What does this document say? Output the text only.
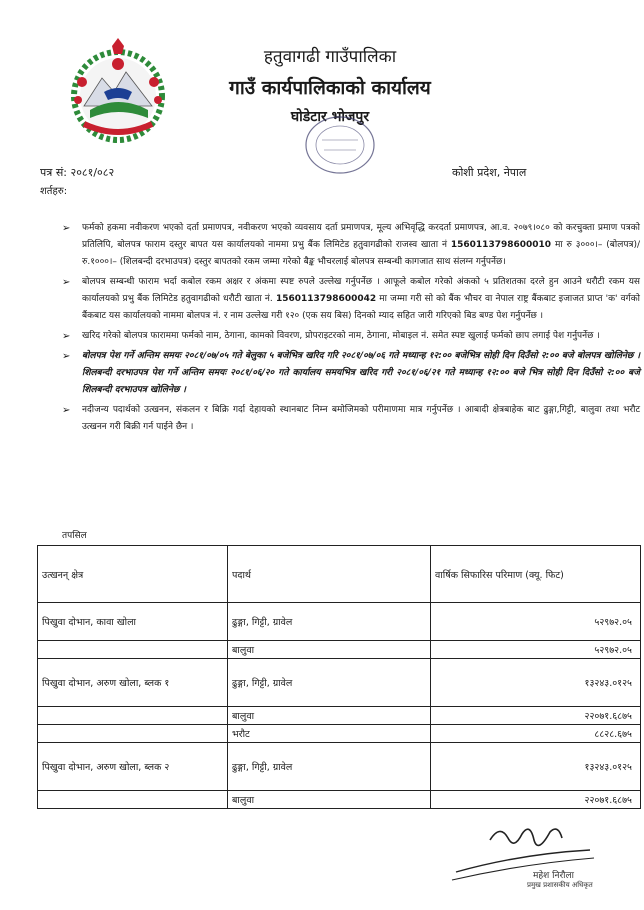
हतुवागढी गाउँपालिका
गाउँ कार्यपालिकाको कार्यालय
घोडेटार भोजपुर
पत्र सं: २०८१/०८२	कोशी प्रदेश, नेपाल
शर्तहरु:
➢ फर्मको हकमा नवीकरण भएको दर्ता प्रमाणपत्र, नवीकरण भएको व्यवसाय दर्ता प्रमाणपत्र, मूल्य अभिवृद्धि करदर्ता प्रमाणपत्र, आ.व. २०७९।०८० को करचुक्ता प्रमाण पत्रको प्रतिलिपि, बोलपत्र फाराम दस्तुर बापत यस कार्यालयको नाममा प्रभु बैंक लिमिटेड हतुवागढीको राजस्व खाता नं 1560113798600010 मा रु ३०००।– (बोलपत्र)/ रु.१०००।– (शिलबन्दी दरभाउपत्र) दस्तुर बापतको रकम जम्मा गरेको बैङ्क भौचरलाई बोलपत्र सम्बन्धी कागजात साथ संलग्न गर्नुपर्नेछ।
➢ बोलपत्र सम्बन्धी फाराम भर्दा कबोल रकम अक्षर र अंकमा स्पष्ट रुपले उल्लेख गर्नुपर्नेछ । आफूले कबोल गरेको अंकको ५ प्रतिशतका दरले हुन आउने धरौटी रकम यस कार्यालयको प्रभु बैंक लिमिटेड हतुवागढीको धरौटी खाता नं. 1560113798600042 मा जम्मा गरी सो को बैंक भौचर वा नेपाल राष्ट्र बैंकबाट इजाजत प्राप्त 'क' वर्गको बैंकबाट यस कार्यालयको नाममा बोलपत्र नं. र नाम उल्लेख गरी १२० (एक सय बिस) दिनको म्याद सहित जारी गरिएको बिड बण्ड पेश गर्नुपर्नेछ ।
➢ खरिद गरेको बोलपत्र फाराममा फर्मको नाम, ठेगाना, कामको विवरण, प्रोपराइटरको नाम, ठेगाना, मोबाइल नं. समेत स्पष्ट खुलाई फर्मको छाप लगाई पेश गर्नुपर्नेछ ।
➢ बोलपत्र पेश गर्ने अन्तिम समयः २०८१/०७/०५ गते बेलुका ५ बजेभित्र खरिद गरि २०८१/०७/०६ गते मध्यान्ह १२:०० बजेभित्र सोही दिन दिउँसो २:०० बजे बोलपत्र खोलिनेछ ।शिलबन्दी दरभाउपत्र पेश गर्ने अन्तिम समयः २०८१/०६/२० गते कार्यालय समयभित्र खरिद गरी २०८१/०६/२१ गते मध्यान्ह १२:०० बजे भित्र सोही दिन दिउँसो २:०० बजे शिलबन्दी दरभाउपत्र खोलिनेछ ।
➢ नदीजन्य पदार्थको उत्खनन, संकलन र बिक्रि गर्दा देहायको स्थानबाट निम्न बमोजिमको परीमाणमा मात्र गर्नुपर्नेछ । आबादी क्षेत्रबाहेक बाट ढुङ्गा,गिट्टी, बालुवा तथा भरौट उत्खनन गरी बिक्री गर्न पाईने छैन ।
तपसिल
उत्खनन् क्षेत्र	पदार्थ	वार्षिक सिफारिस परिमाण (क्यू. फिट)
पिखुवा दोभान, कावा खोला	ढुङ्गा, गिट्टी, ग्रावेल	५२९७२.०५
	बालुवा	५२९७२.०५
पिखुवा दोभान, अरुण खोला, ब्लक १	ढुङ्गा, गिट्टी, ग्रावेल	१३२४३.०१२५
	बालुवा	२२०७१.६८७५
	भरौट	८८२८.६७५
पिखुवा दोभान, अरुण खोला, ब्लक २	ढुङ्गा, गिट्टी, ग्रावेल	१३२४३.०१२५
	बालुवा	२२०७१.६८७५
महेश निरौला
प्रमुख प्रशासकीय अधिकृत
